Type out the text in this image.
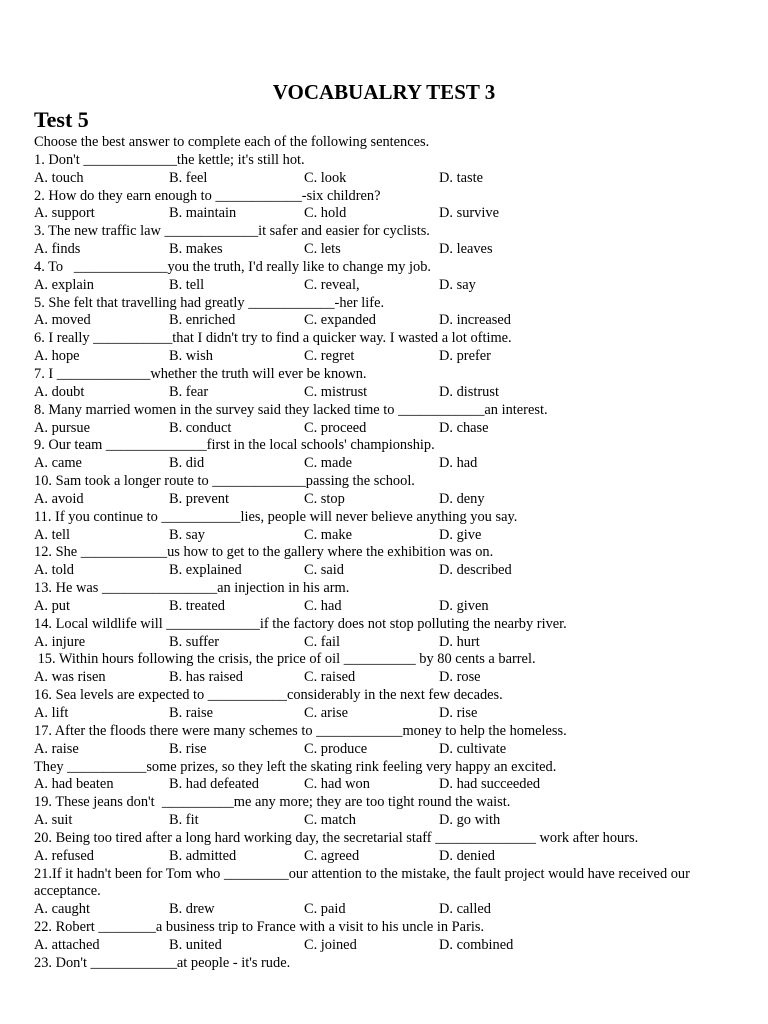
VOCABUALRY TEST 3
Test 5
Choose the best answer to complete each of the following sentences.
1. Don't _____________the kettle; it's still hot.
A. touch	B. feel	C. look	D. taste
2. How do they earn enough to ____________-six children?
A. support	B. maintain	C. hold	D. survive
3. The new traffic law _____________it safer and easier for cyclists.
A. finds	B. makes	C. lets	D. leaves
4. To   _____________you the truth, I'd really like to change my job.
A. explain	B. tell	C. reveal,	D. say
5. She felt that travelling had greatly ____________-her life.
A. moved	B. enriched	C. expanded	D. increased
6. I really ___________that I didn't try to find a quicker way. I wasted a lot oftime.
A. hope	B. wish	C. regret	D. prefer
7. I _____________whether the truth will ever be known.
A. doubt	B. fear	C. mistrust	D. distrust
8. Many married women in the survey said they lacked time to ____________an interest.
A. pursue	B. conduct	C. proceed	D. chase
9. Our team ______________first in the local schools' championship.
A. came	B. did	C. made	D. had
10. Sam took a longer route to _____________passing the school.
A. avoid	B. prevent	C. stop	D. deny
11. If you continue to ___________lies, people will never believe anything you say.
A. tell	B. say	C. make	D. give
12. She ____________us how to get to the gallery where the exhibition was on.
A. told	B. explained	C. said	D. described
13. He was ________________an injection in his arm.
A. put	B. treated	C. had	D. given
14. Local wildlife will _____________if the factory does not stop polluting the nearby river.
A. injure	B. suffer	C. fail	D. hurt
15. Within hours following the crisis, the price of oil __________ by 80 cents a barrel.
A. was risen	B. has raised	C. raised	D. rose
16. Sea levels are expected to ___________considerably in the next few decades.
A. lift	B. raise	C. arise	D. rise
17. After the floods there were many schemes to ____________money to help the homeless.
A. raise	B. rise	C. produce	D. cultivate
They ___________some prizes, so they left the skating rink feeling very happy an excited.
A. had beaten	B. had defeated	C. had won	D. had succeeded
19. These jeans don't  __________me any more; they are too tight round the waist.
A. suit	B. fit	C. match	D. go with
20. Being too tired after a long hard working day, the secretarial staff ______________ work after hours.
A. refused	B. admitted	C. agreed	D. denied
21.If it hadn't been for Tom who _________our attention to the mistake, the fault project would have received our acceptance.
A. caught	B. drew	C. paid	D. called
22. Robert ________a business trip to France with a visit to his uncle in Paris.
A. attached	B. united	C. joined	D. combined
23. Don't ____________at people - it's rude.
